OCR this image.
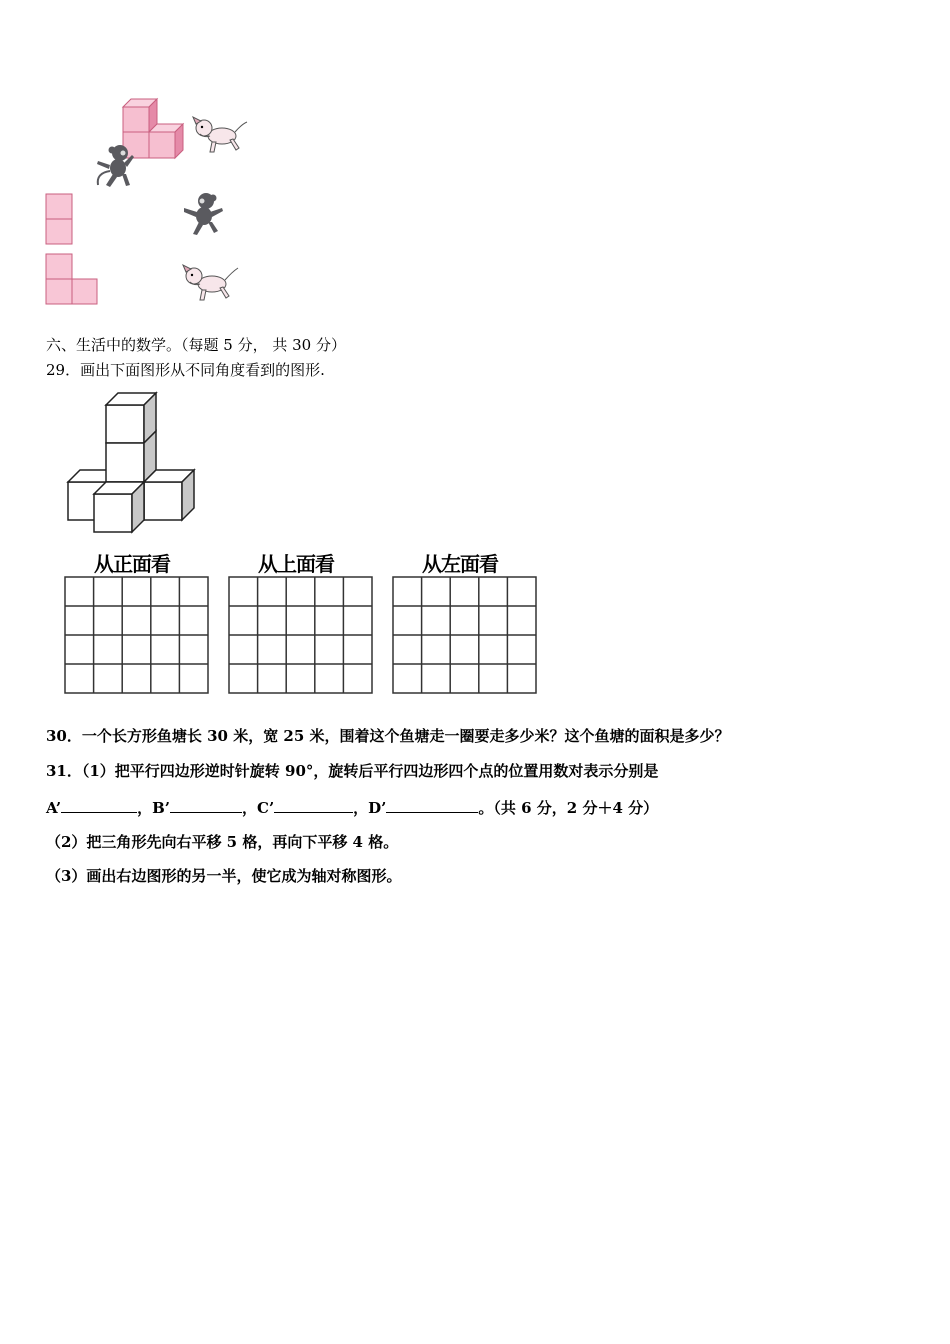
六、生活中的数学。（每题 5 分， 共 30 分）
29．画出下面图形从不同角度看到的图形.
从正面看	从上面看	从左面看
30．一个长方形鱼塘长 30 米，宽 25 米，围着这个鱼塘走一圈要走多少米？这个鱼塘的面积是多少？
31．（1）把平行四边形逆时针旋转 90°，旋转后平行四边形四个点的位置用数对表示分别是
A’	，B’	，C’	，D’	。（共 6 分，2 分＋4 分）
（2）把三角形先向右平移 5 格，再向下平移 4 格。
（3）画出右边图形的另一半，使它成为轴对称图形。
